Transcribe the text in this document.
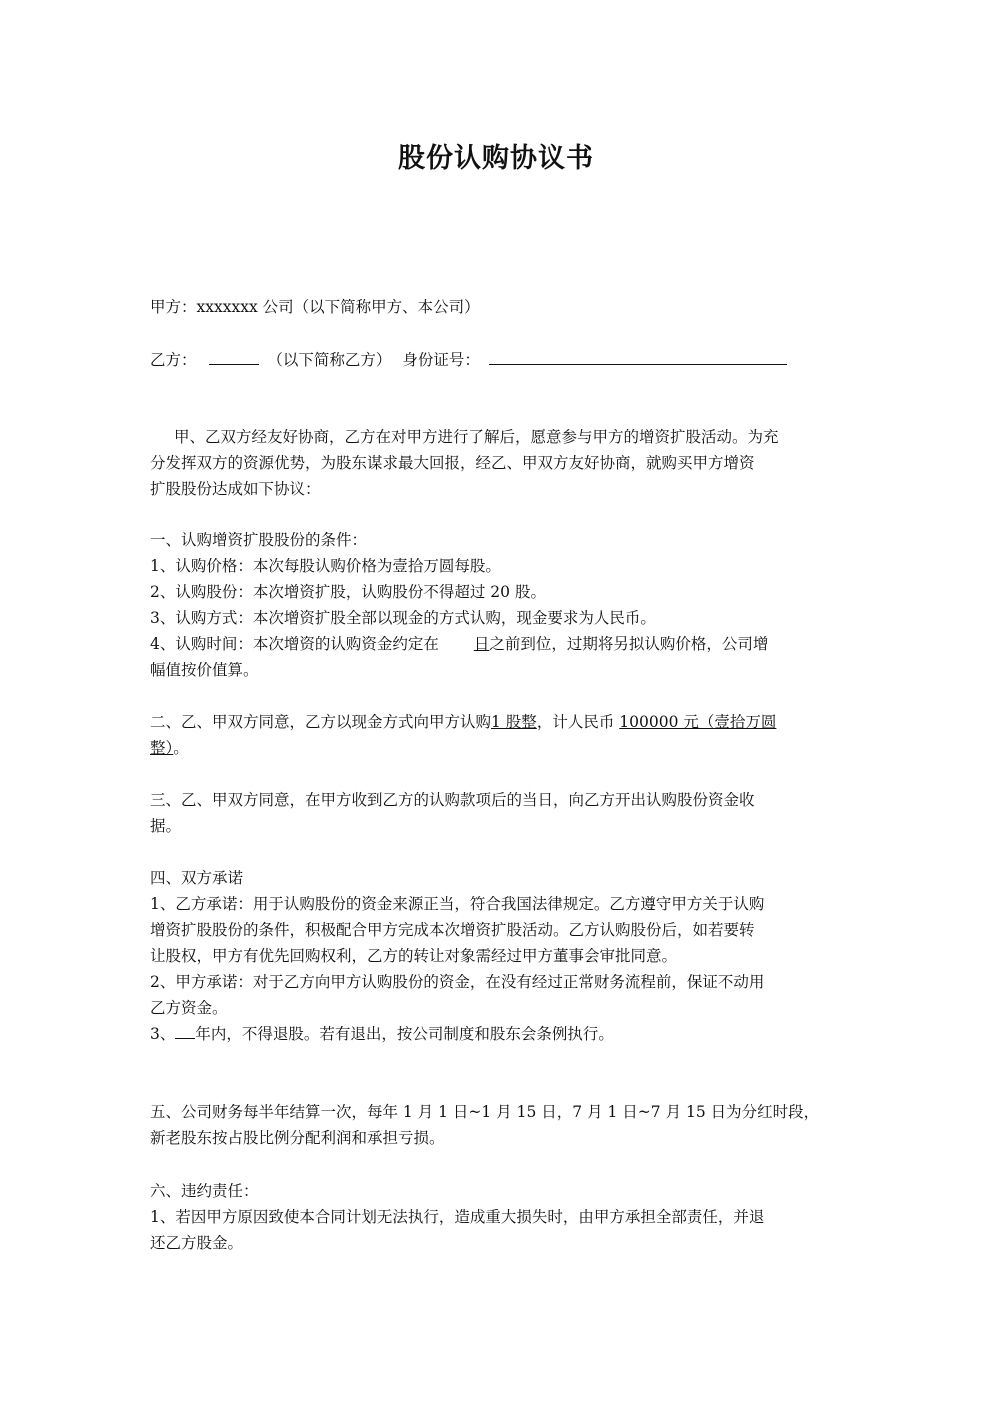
股份认购协议书
甲方：xxxxxxx 公司（以下简称甲方、本公司）
乙方：	（以下简称乙方） 身份证号：
甲、乙双方经友好协商，乙方在对甲方进行了解后，愿意参与甲方的增资扩股活动。为充
分发挥双方的资源优势，为股东谋求最大回报，经乙、甲双方友好协商，就购买甲方增资
扩股股份达成如下协议：
一、认购增资扩股股份的条件：
1、认购价格：本次每股认购价格为壹拾万圆每股。
2、认购股份：本次增资扩股，认购股份不得超过 20 股。
3、认购方式：本次增资扩股全部以现金的方式认购，现金要求为人民币。
4、认购时间：本次增资的认购资金约定在 日之前到位，过期将另拟认购价格，公司增
幅值按价值算。
二、乙、甲双方同意，乙方以现金方式向甲方认购1 股整，计人民币 100000 元（壹拾万圆
整）。
三、乙、甲双方同意，在甲方收到乙方的认购款项后的当日，向乙方开出认购股份资金收
据。
四、双方承诺
1、乙方承诺：用于认购股份的资金来源正当，符合我国法律规定。乙方遵守甲方关于认购
增资扩股股份的条件，积极配合甲方完成本次增资扩股活动。乙方认购股份后，如若要转
让股权，甲方有优先回购权利，乙方的转让对象需经过甲方董事会审批同意。
2、甲方承诺：对于乙方向甲方认购股份的资金，在没有经过正常财务流程前，保证不动用
乙方资金。
3、 年内，不得退股。若有退出，按公司制度和股东会条例执行。
五、公司财务每半年结算一次，每年 1 月 1 日~1 月 15 日，7 月 1 日~7 月 15 日为分红时段，
新老股东按占股比例分配利润和承担亏损。
六、违约责任：
1、若因甲方原因致使本合同计划无法执行，造成重大损失时，由甲方承担全部责任，并退
还乙方股金。
